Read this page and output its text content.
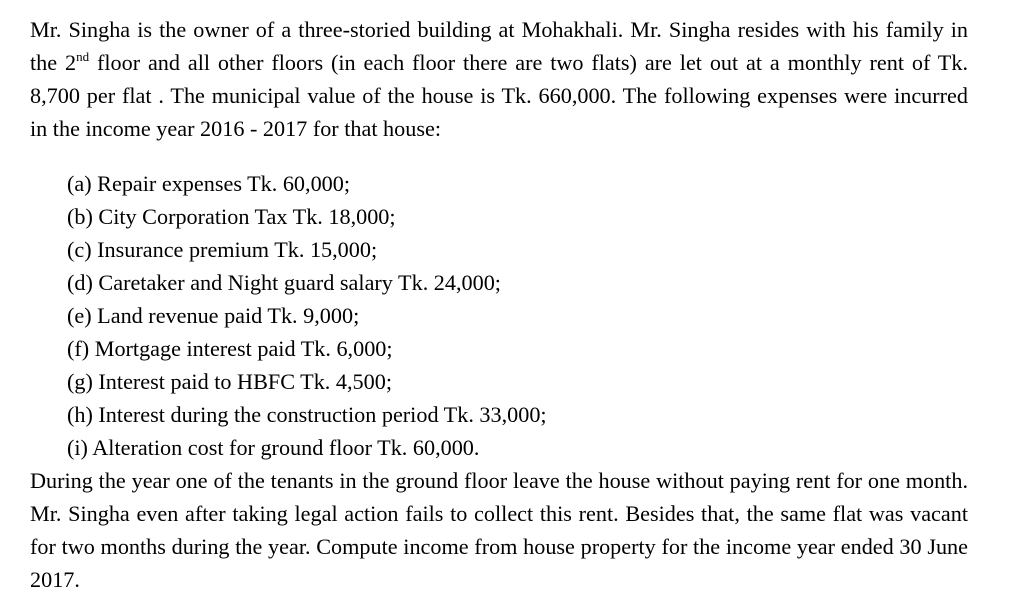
Mr. Singha is the owner of a three-storied building at Mohakhali. Mr. Singha resides with his family in the 2nd floor and all other floors (in each floor there are two flats) are let out at a monthly rent of Tk. 8,700 per flat . The municipal value of the house is Tk. 660,000. The following expenses were incurred in the income year 2016 - 2017 for that house:

(a) Repair expenses Tk. 60,000;
(b) City Corporation Tax Tk. 18,000;
(c) Insurance premium Tk. 15,000;
(d) Caretaker and Night guard salary Tk. 24,000;
(e) Land revenue paid Tk. 9,000;
(f) Mortgage interest paid Tk. 6,000;
(g) Interest paid to HBFC Tk. 4,500;
(h) Interest during the construction period Tk. 33,000;
(i) Alteration cost for ground floor Tk. 60,000.

During the year one of the tenants in the ground floor leave the house without paying rent for one month. Mr. Singha even after taking legal action fails to collect this rent. Besides that, the same flat was vacant for two months during the year. Compute income from house property for the income year ended 30 June 2017.
